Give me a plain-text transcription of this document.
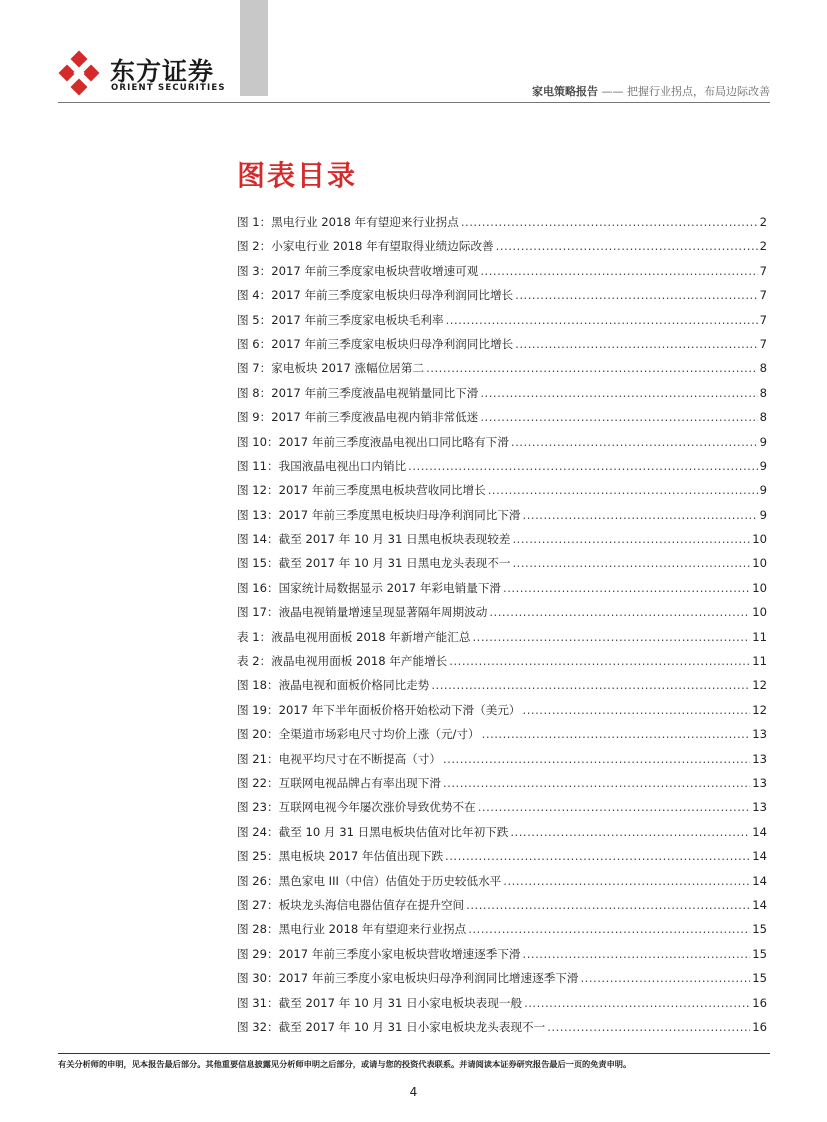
东方证券
ORIENT SECURITIES	家电策略报告 —— 把握行业拐点，布局边际改善
图表目录
图 1：黑电行业 2018 年有望迎来行业拐点 .....	2
图 2：小家电行业 2018 年有望取得业绩边际改善 .....	2
图 3：2017 年前三季度家电板块营收增速可观 .....	7
图 4：2017 年前三季度家电板块归母净利润同比增长 .....	7
图 5：2017 年前三季度家电板块毛利率 .....	7
图 6：2017 年前三季度家电板块归母净利润同比增长 .....	7
图 7：家电板块 2017 涨幅位居第二 .....	8
图 8：2017 年前三季度液晶电视销量同比下滑 .....	8
图 9：2017 年前三季度液晶电视内销非常低迷 .....	8
图 10：2017 年前三季度液晶电视出口同比略有下滑 .....	9
图 11：我国液晶电视出口内销比 .....	9
图 12：2017 年前三季度黑电板块营收同比增长 .....	9
图 13：2017 年前三季度黑电板块归母净利润同比下滑 .....	9
图 14：截至 2017 年 10 月 31 日黑电板块表现较差 .....	10
图 15：截至 2017 年 10 月 31 日黑电龙头表现不一 .....	10
图 16：国家统计局数据显示 2017 年彩电销量下滑 .....	10
图 17：液晶电视销量增速呈现显著隔年周期波动 .....	10
表 1：液晶电视用面板 2018 年新增产能汇总 .....	11
表 2：液晶电视用面板 2018 年产能增长 .....	11
图 18：液晶电视和面板价格同比走势 .....	12
图 19：2017 年下半年面板价格开始松动下滑（美元） .....	12
图 20：全渠道市场彩电尺寸均价上涨（元/寸） .....	13
图 21：电视平均尺寸在不断提高（寸） .....	13
图 22：互联网电视品牌占有率出现下滑 .....	13
图 23：互联网电视今年屡次涨价导致优势不在 .....	13
图 24：截至 10 月 31 日黑电板块估值对比年初下跌 .....	14
图 25：黑电板块 2017 年估值出现下跌 .....	14
图 26：黑色家电 III（中信）估值处于历史较低水平 .....	14
图 27：板块龙头海信电器估值存在提升空间 .....	14
图 28：黑电行业 2018 年有望迎来行业拐点 .....	15
图 29：2017 年前三季度小家电板块营收增速逐季下滑 .....	15
图 30：2017 年前三季度小家电板块归母净利润同比增速逐季下滑 .....	15
图 31：截至 2017 年 10 月 31 日小家电板块表现一般 .....	16
图 32：截至 2017 年 10 月 31 日小家电板块龙头表现不一 .....	16
有关分析师的申明，见本报告最后部分。其他重要信息披露见分析师申明之后部分，或请与您的投资代表联系。并请阅读本证券研究报告最后一页的免责申明。
4
